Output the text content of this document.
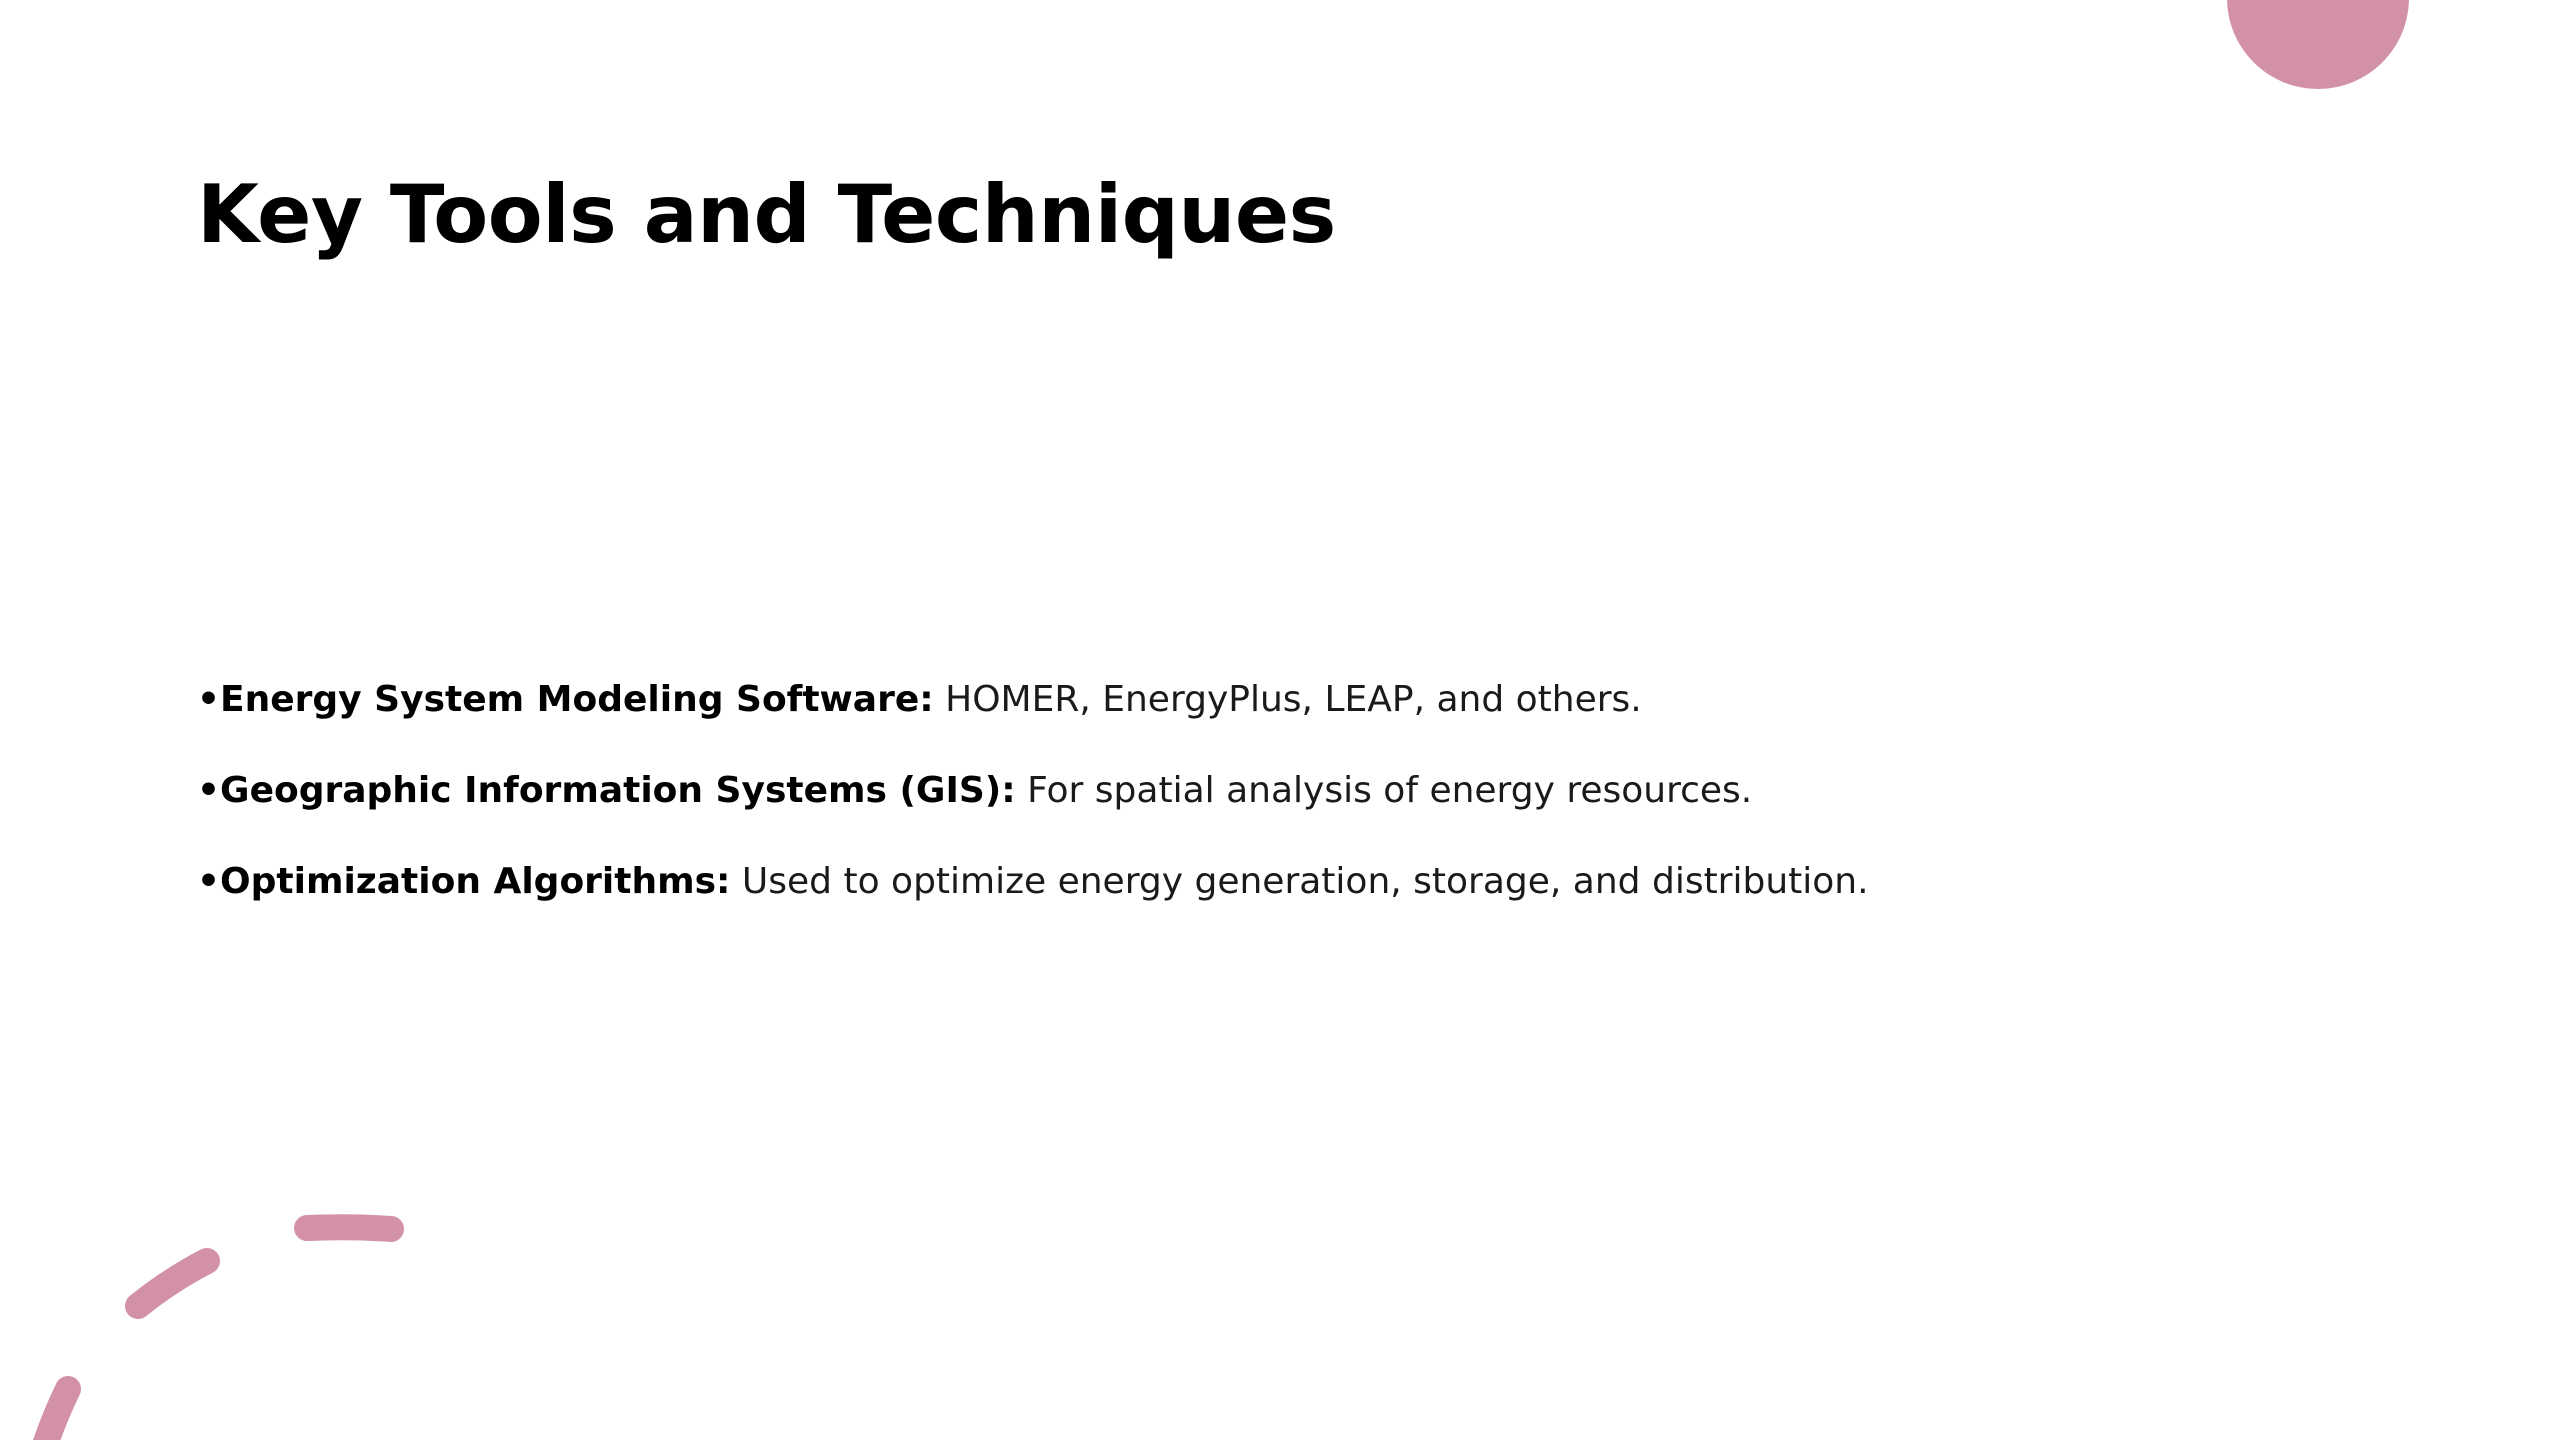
Key Tools and Techniques
•Energy System Modeling Software: HOMER, EnergyPlus, LEAP, and others.
•Geographic Information Systems (GIS): For spatial analysis of energy resources.
•Optimization Algorithms: Used to optimize energy generation, storage, and distribution.
